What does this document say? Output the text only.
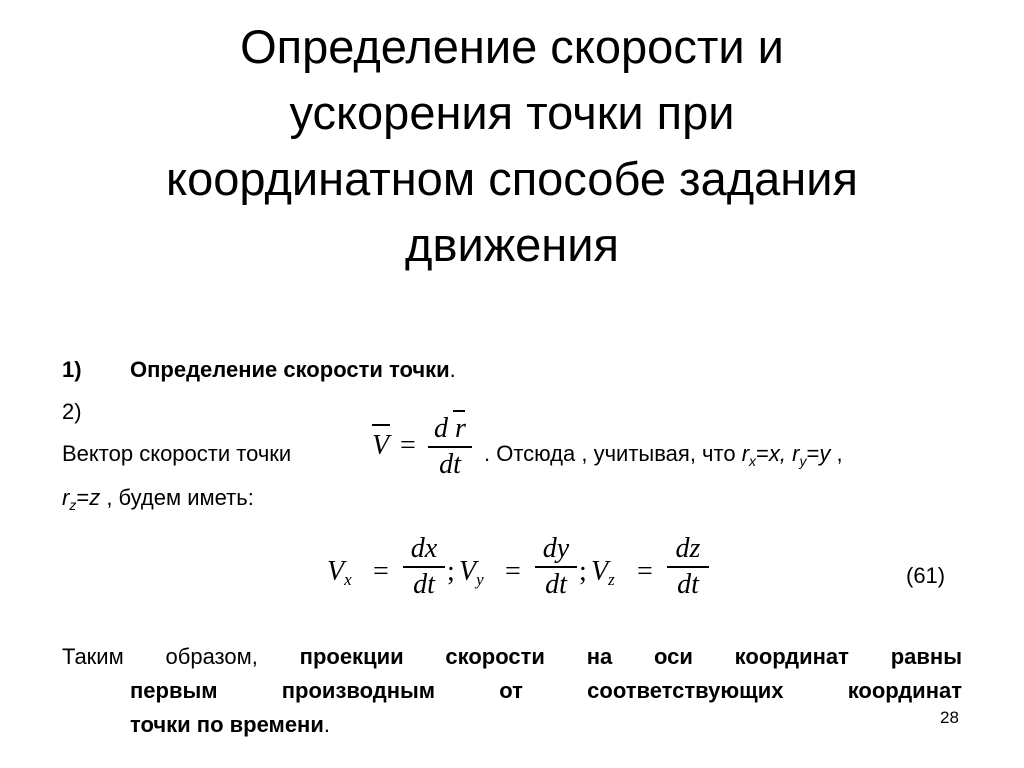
Определение скорости и
ускорения точки при
координатном способе задания
движения
1) Определение скорости точки.
2)
Вектор скорости точки	V =
d r
dt	. Отсюда , учитывая, что $r_x=x$, $r_y=y$ ,
$r_z=z$ , будем иметь:
$V_x$ =
dx
dt ; $V_y$ =
dy
dt ; $V_z$ =
dz
dt	(61)
Таким образом, проекции скорости на оси координат равны
первым производным от соответствующих координат
точки по времени.	28
